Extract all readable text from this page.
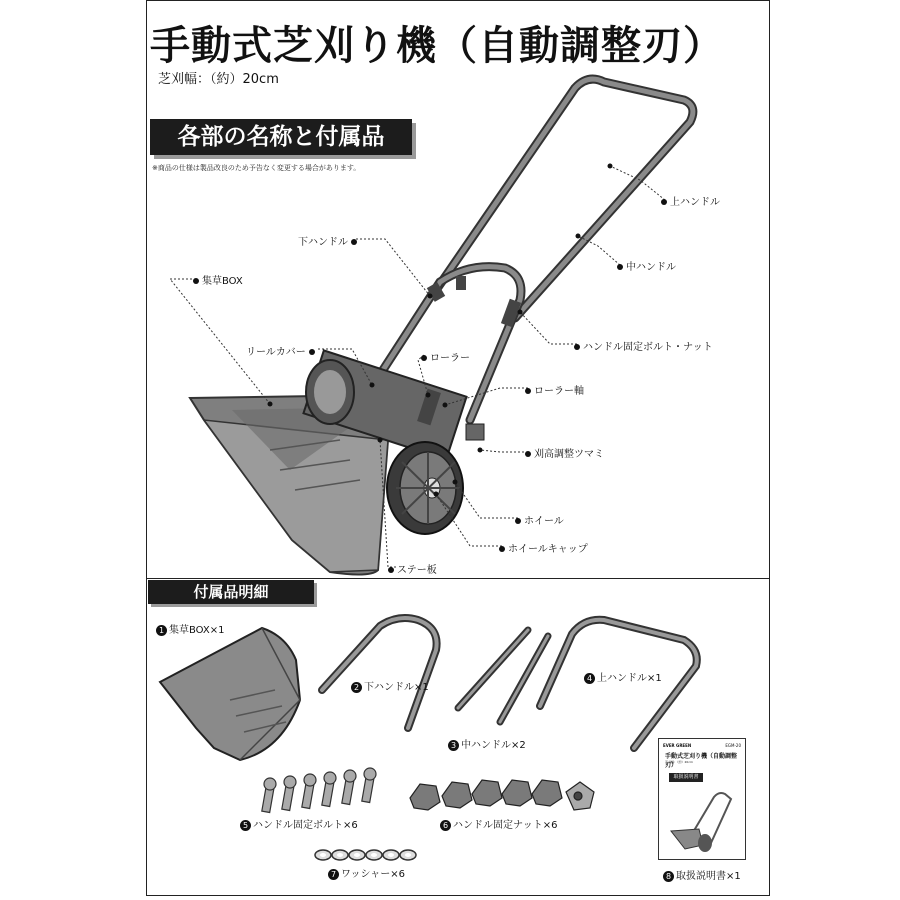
手動式芝刈り機（自動調整刃）
芝刈幅：（約）20cm
各部の名称と付属品
※商品の仕様は製品改良のため予告なく変更する場合があります。
上ハンドル
下ハンドル
集草BOX
中ハンドル
ハンドル固定ボルト・ナット
リールカバー
ローラー
ローラー軸
刈高調整ツマミ
ホイール
ホイールキャップ
ステー板
付属品明細
1 集草BOX×1
2 下ハンドル×1
3 中ハンドル×2
4 上ハンドル×1
5 ハンドル固定ボルト×6	6 ハンドル固定ナット×6
7 ワッシャー×6	8 取扱説明書×1
EVER GREEN	EGM-20
手動式芝刈り機（自動調整刃）
芝刈幅：（約）20cm
取扱説明書
